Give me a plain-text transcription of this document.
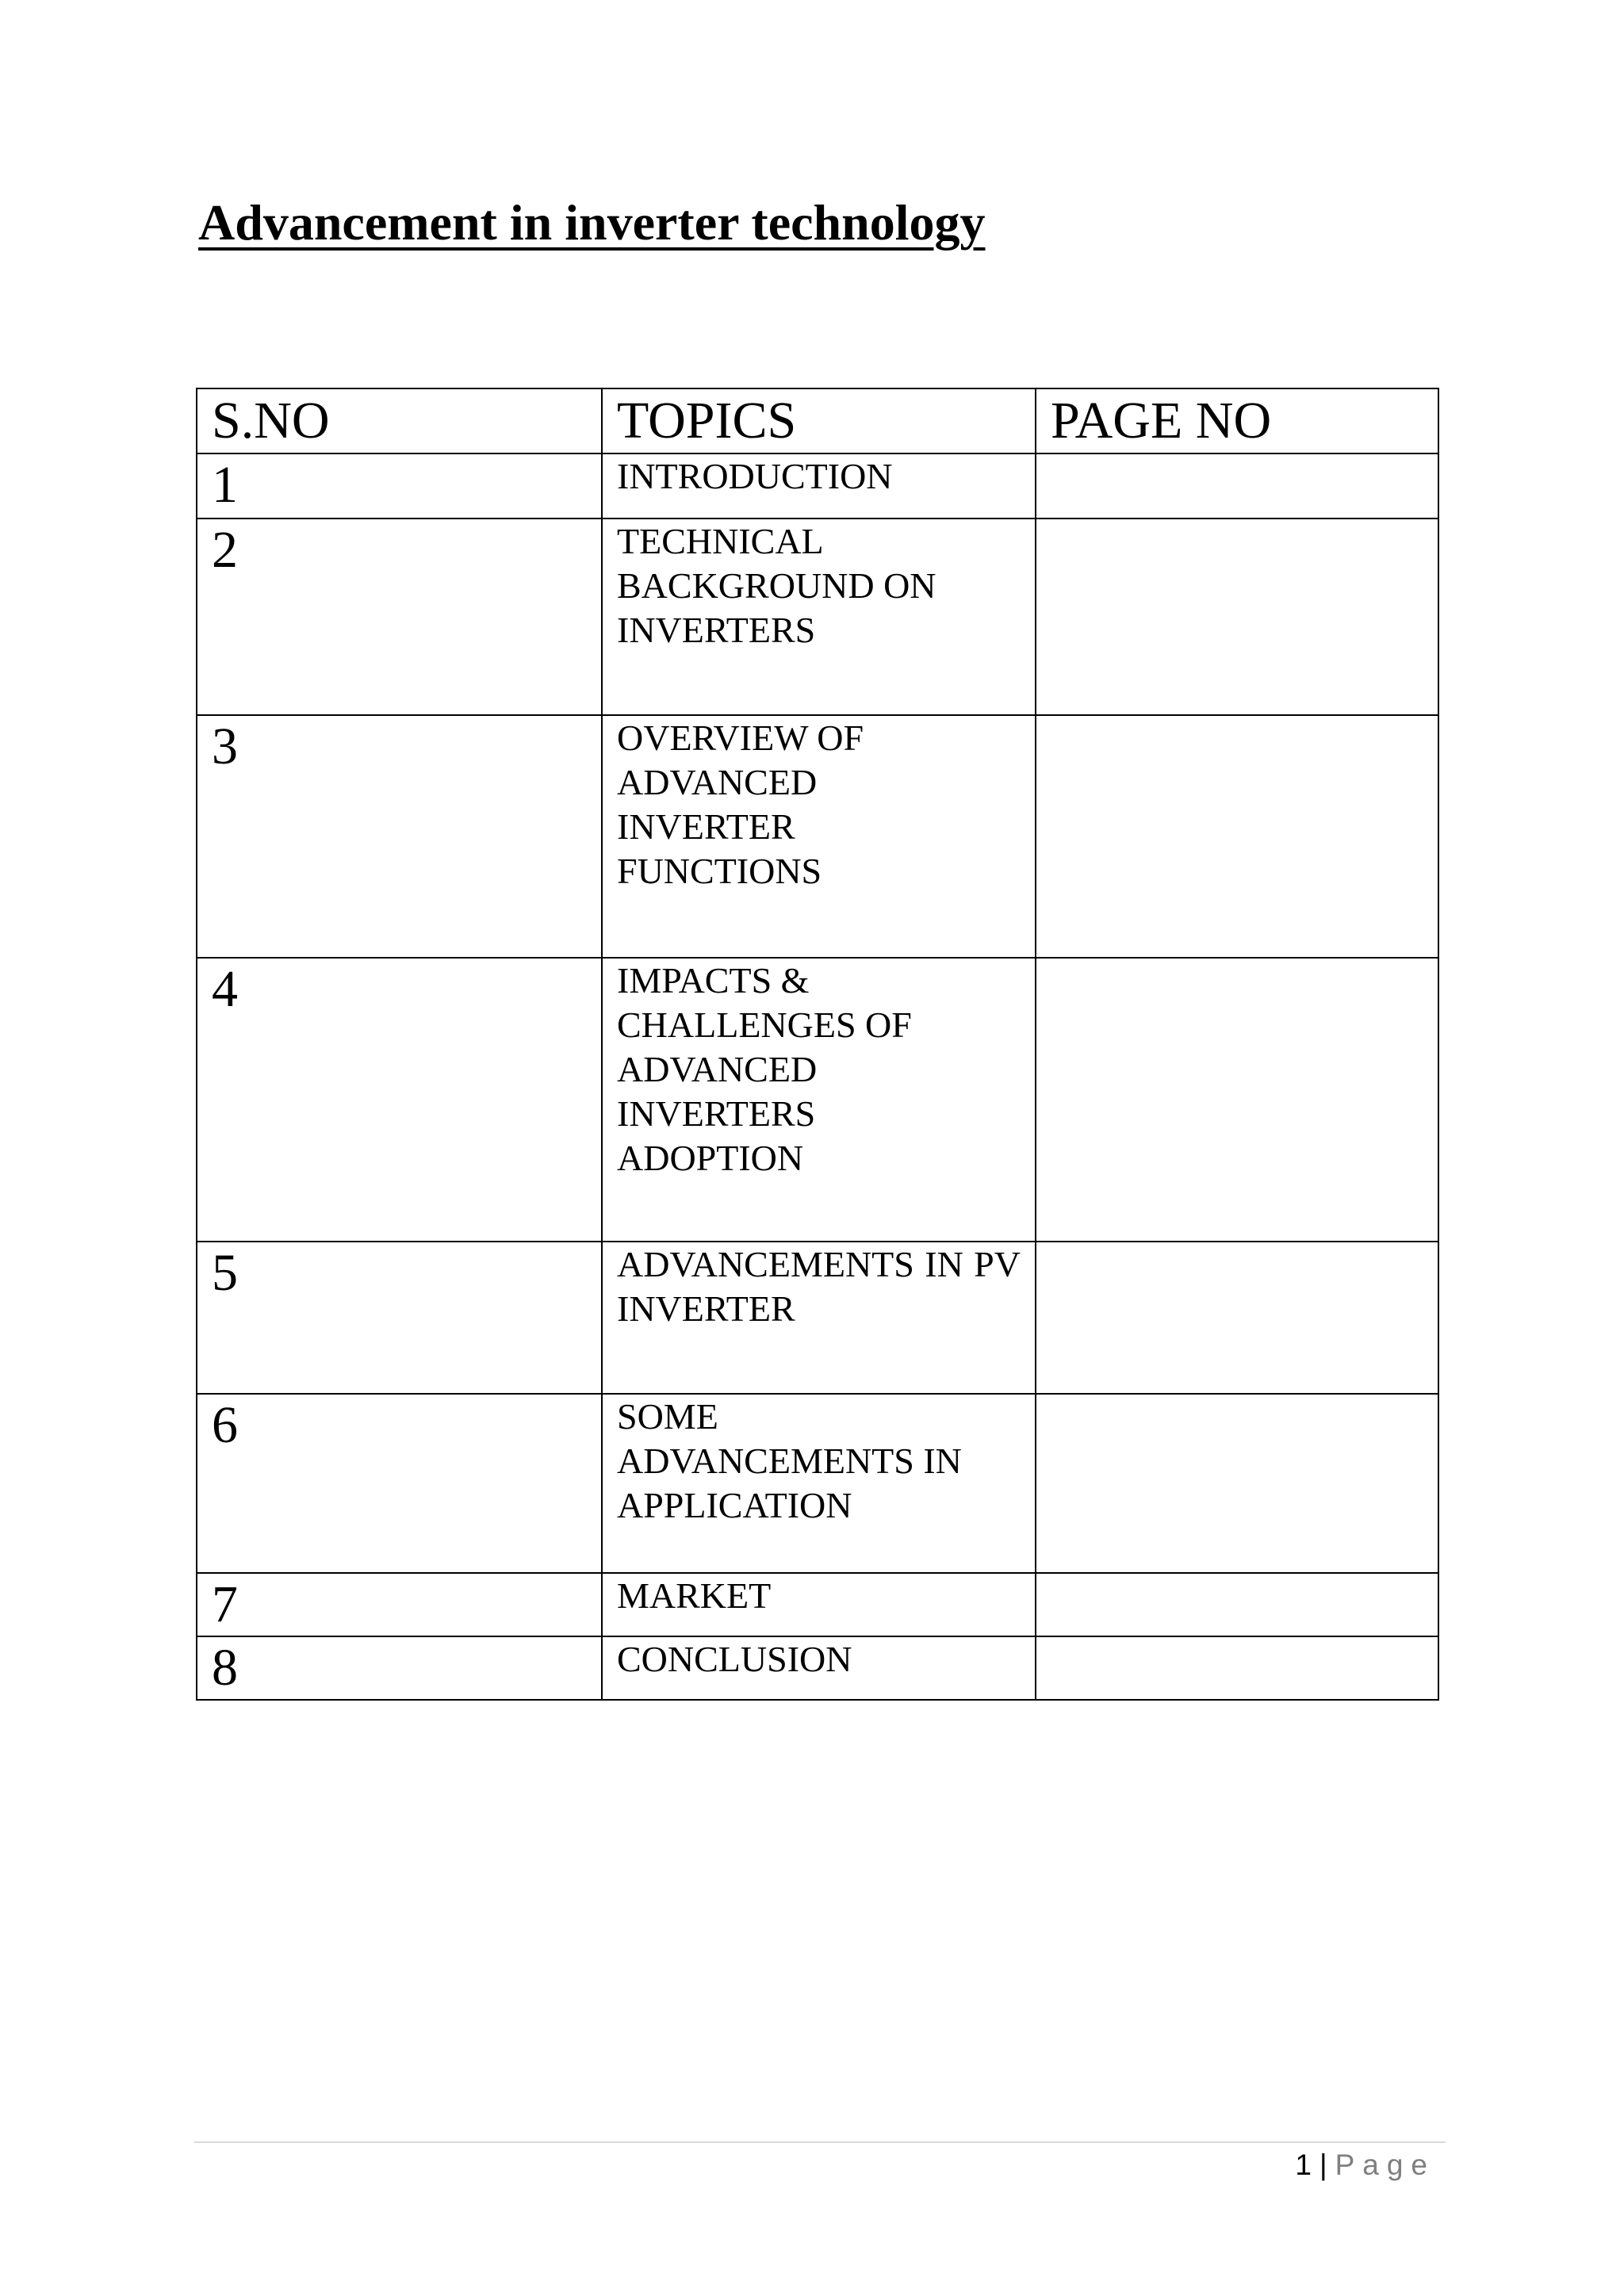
Advancement in inverter technology
S.NO	TOPICS	PAGE NO

1	INTRODUCTION	

2	TECHNICAL BACKGROUND ON INVERTERS	

3	OVERVIEW OF ADVANCED INVERTER FUNCTIONS	

4	IMPACTS & CHALLENGES OF ADVANCED INVERTERS ADOPTION	

5	ADVANCEMENTS IN PV INVERTER	

6	SOME ADVANCEMENTS IN APPLICATION	

7	MARKET	

8	CONCLUSION	

1 | Page
